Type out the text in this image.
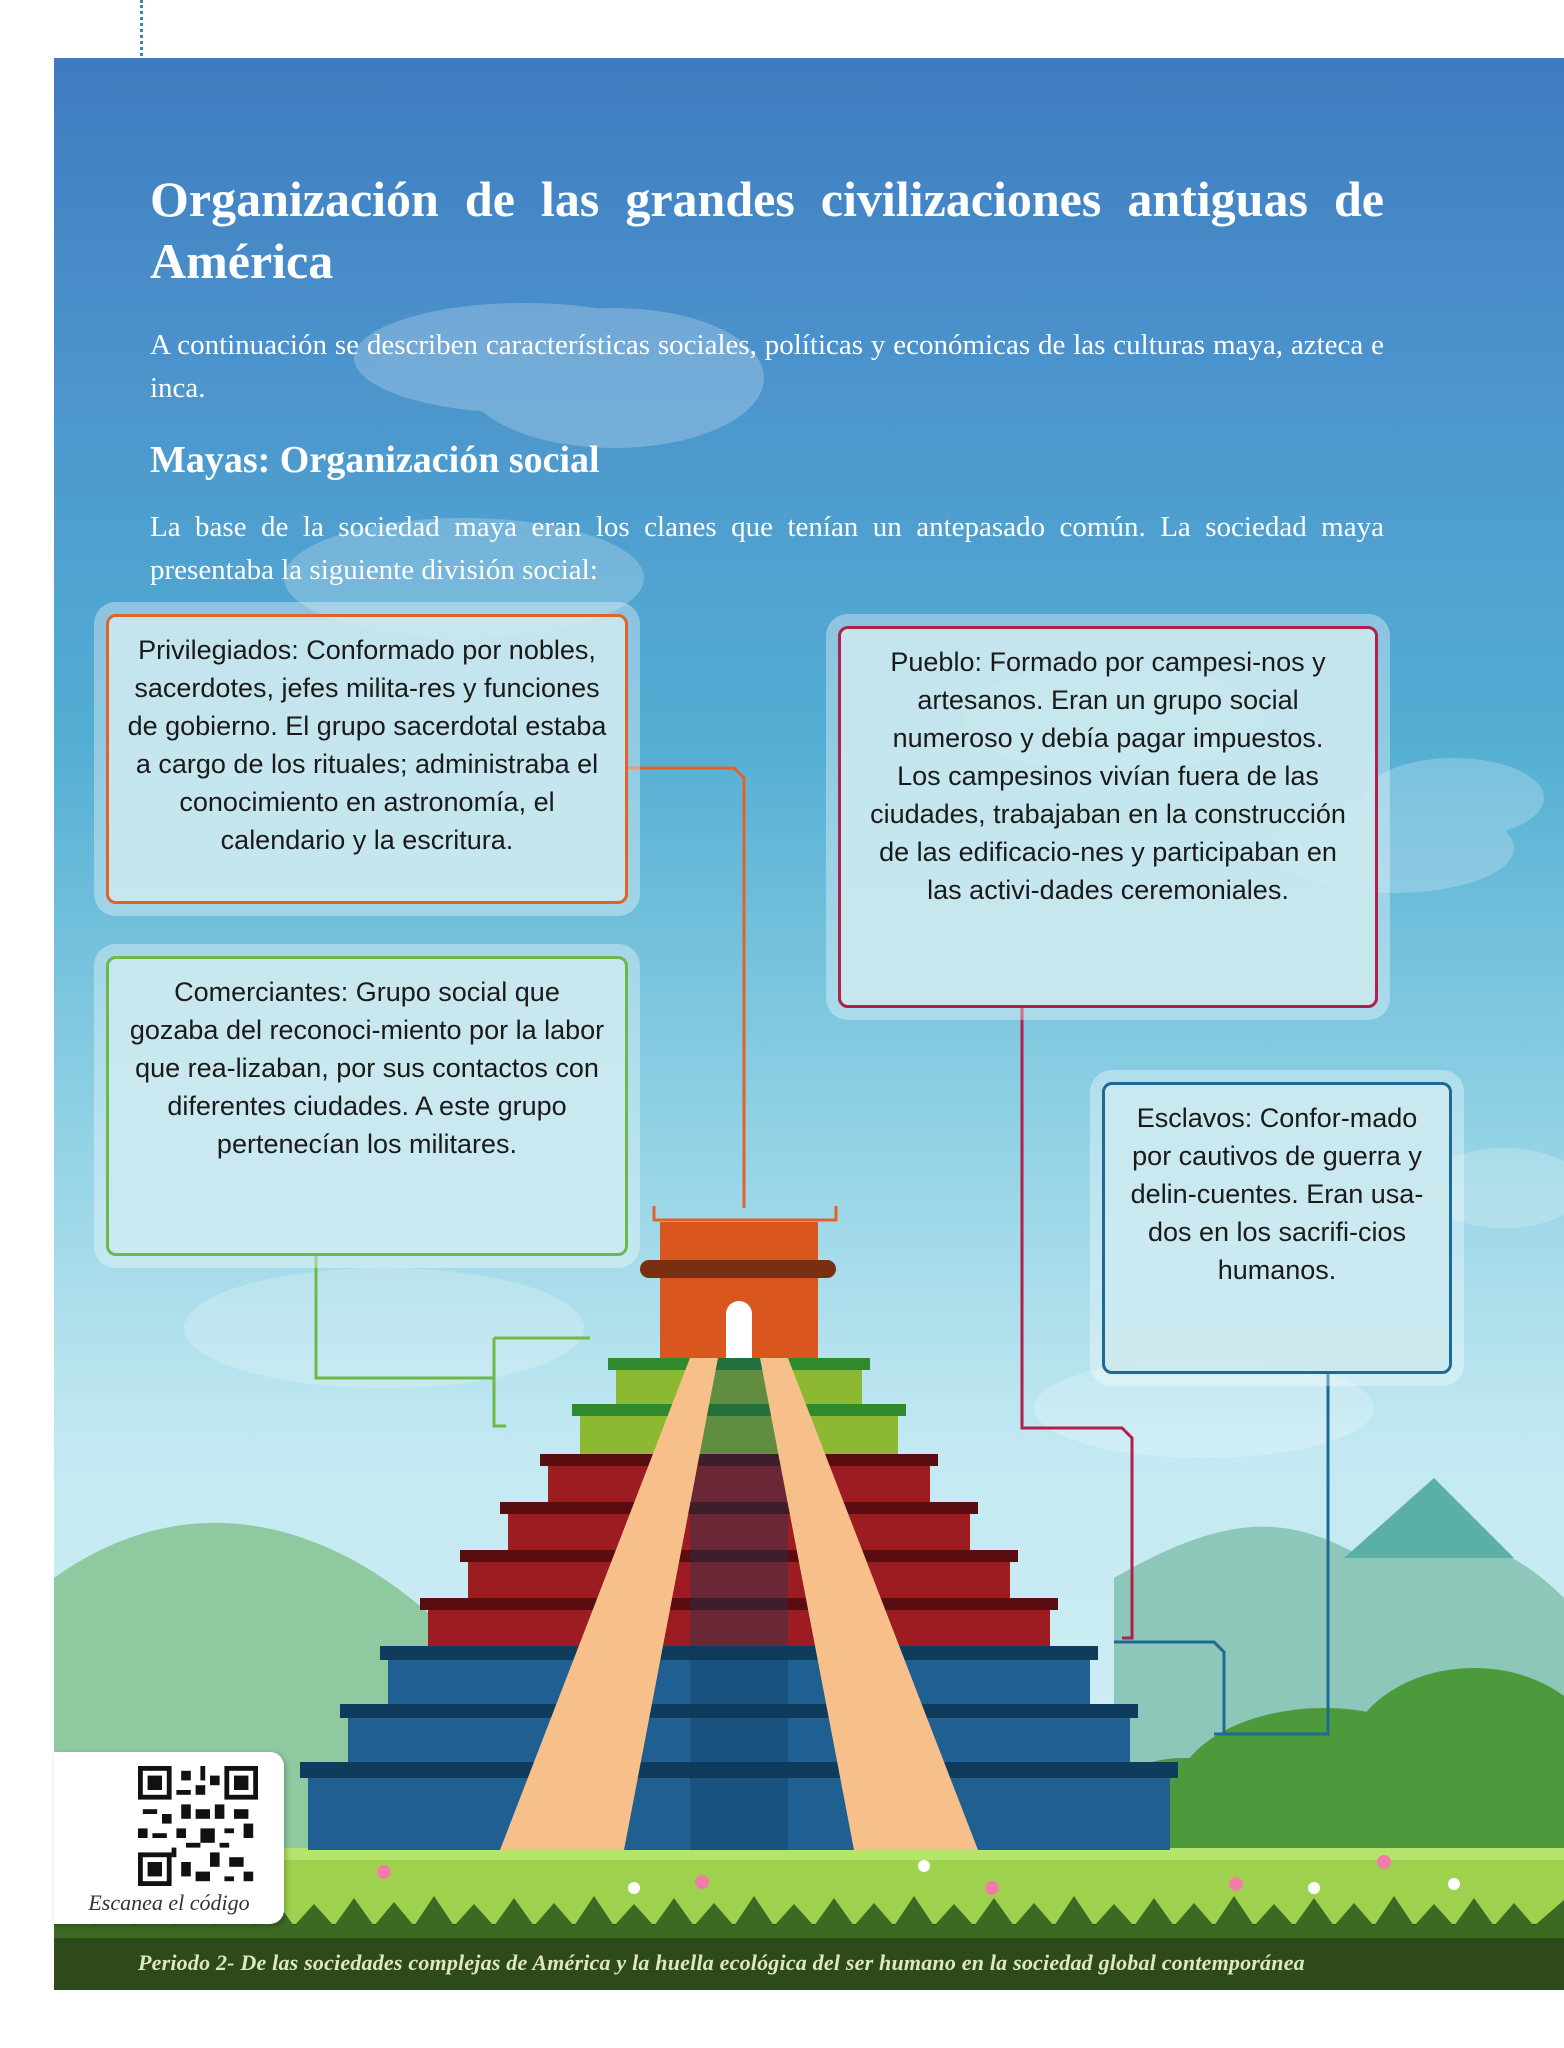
Organización de las grandes civilizaciones antiguas de América

A continuación se describen características sociales, políticas y económicas de las culturas maya, azteca e inca.

Mayas: Organización social

La base de la sociedad maya eran los clanes que tenían un antepasado común. La sociedad maya presentaba la siguiente división social:

Privilegiados: Conformado por nobles, sacerdotes, jefes milita-res y funciones de gobierno. El grupo sacerdotal estaba a cargo de los rituales; administraba el conocimiento en astronomía, el calendario y la escritura.

Comerciantes: Grupo social que gozaba del reconoci-miento por la labor que rea-lizaban, por sus contactos con diferentes ciudades. A este grupo pertenecían los militares.

Pueblo: Formado por campesi-nos y artesanos. Eran un grupo social numeroso y debía pagar impuestos.

Los campesinos vivían fuera de las ciudades, trabajaban en la construcción de las edificacio-nes y participaban en las activi-dades ceremoniales.

Esclavos: Confor-mado por cautivos de guerra y delin-cuentes. Eran usa-dos en los sacrifi-cios humanos.

Escanea el código
Periodo 2- De las sociedades complejas de América y la huella ecológica del ser humano en la sociedad global contemporánea
